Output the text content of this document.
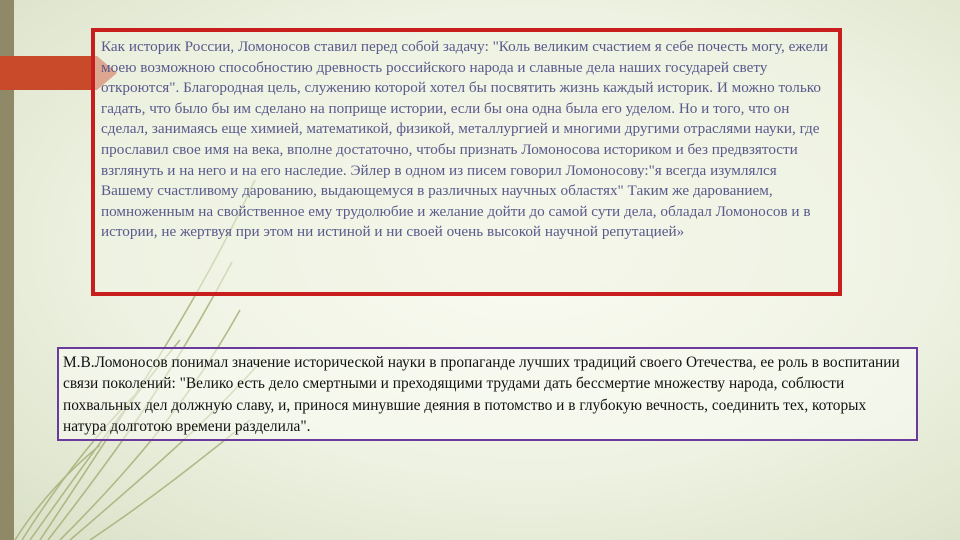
Как историк России, Ломоносов ставил перед собой задачу: "Коль великим счастием я себе почесть могу, ежели моею возможною способностию древность российского народа и славные дела наших государей свету откроются". Благородная цель, служению которой хотел бы посвятить жизнь каждый историк. И можно только гадать, что было бы им сделано на поприще истории, если бы она одна была его уделом. Но и того, что он сделал, занимаясь еще химией, математикой, физикой, металлургией и многими другими отраслями науки, где прославил свое имя на века, вполне достаточно, чтобы признать Ломоносова историком и без предвзятости взглянуть и на него и на его наследие. Эйлер в одном из писем говорил Ломоносову:"я всегда изумлялся Вашему счастливому дарованию, выдающемуся в различных научных областях" Таким же дарованием, помноженным на свойственное ему трудолюбие и желание дойти до самой сути дела, обладал Ломоносов и в истории, не жертвуя при этом ни истиной и ни своей очень высокой научной репутацией»

М.В.Ломоносов понимал значение исторической науки в пропаганде лучших традиций своего Отечества, ее роль в воспитании связи поколений: "Велико есть дело смертными и преходящими трудами дать бессмертие множеству народа, соблюсти похвальных дел должную славу, и, принося минувшие деяния в потомство и в глубокую вечность, соединить тех, которых натура долготою времени разделила".
